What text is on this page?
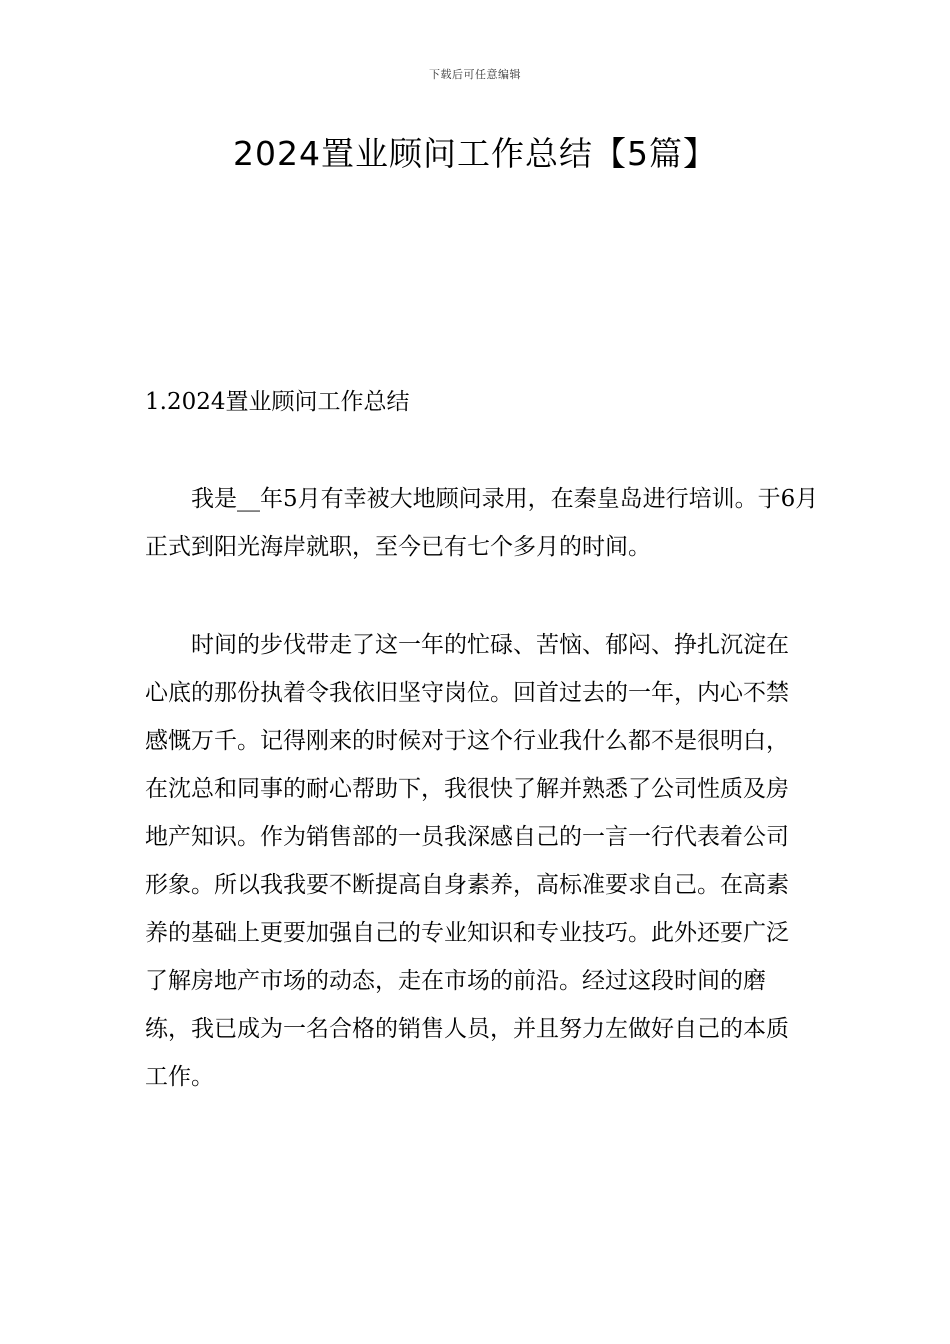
下载后可任意编辑
2024置业顾问工作总结【5篇】
1.2024置业顾问工作总结

我是__年5月有幸被大地顾问录用，在秦皇岛进行培训。于6月正式到阳光海岸就职，至今已有七个多月的时间。

时间的步伐带走了这一年的忙碌、苦恼、郁闷、挣扎沉淀在心底的那份执着令我依旧坚守岗位。回首过去的一年，内心不禁感慨万千。记得刚来的时候对于这个行业我什么都不是很明白，在沈总和同事的耐心帮助下，我很快了解并熟悉了公司性质及房地产知识。作为销售部的一员我深感自己的一言一行代表着公司形象。所以我我要不断提高自身素养，高标准要求自己。在高素养的基础上更要加强自己的专业知识和专业技巧。此外还要广泛了解房地产市场的动态，走在市场的前沿。经过这段时间的磨练，我已成为一名合格的销售人员，并且努力左做好自己的本质工作。
